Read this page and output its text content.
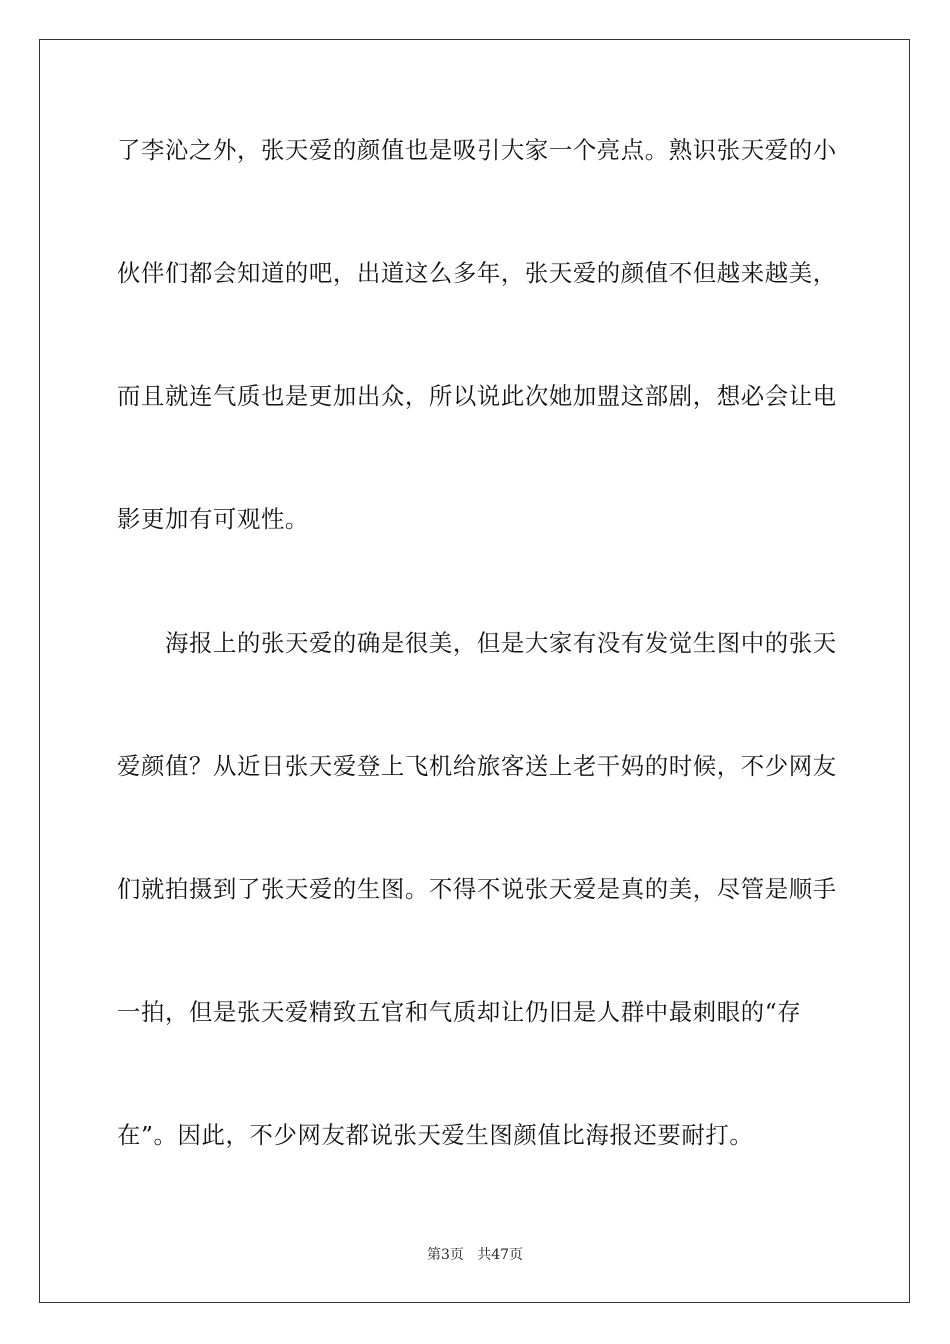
了李沁之外，张天爱的颜值也是吸引大家一个亮点。熟识张天爱的小
伙伴们都会知道的吧，出道这么多年，张天爱的颜值不但越来越美，
而且就连气质也是更加出众，所以说此次她加盟这部剧，想必会让电
影更加有可观性。
海报上的张天爱的确是很美，但是大家有没有发觉生图中的张天
爱颜值？从近日张天爱登上飞机给旅客送上老干妈的时候，不少网友
们就拍摄到了张天爱的生图。不得不说张天爱是真的美，尽管是顺手
一拍，但是张天爱精致五官和气质却让仍旧是人群中最刺眼的“存
在”。因此，不少网友都说张天爱生图颜值比海报还要耐打。
第3页   共47页
